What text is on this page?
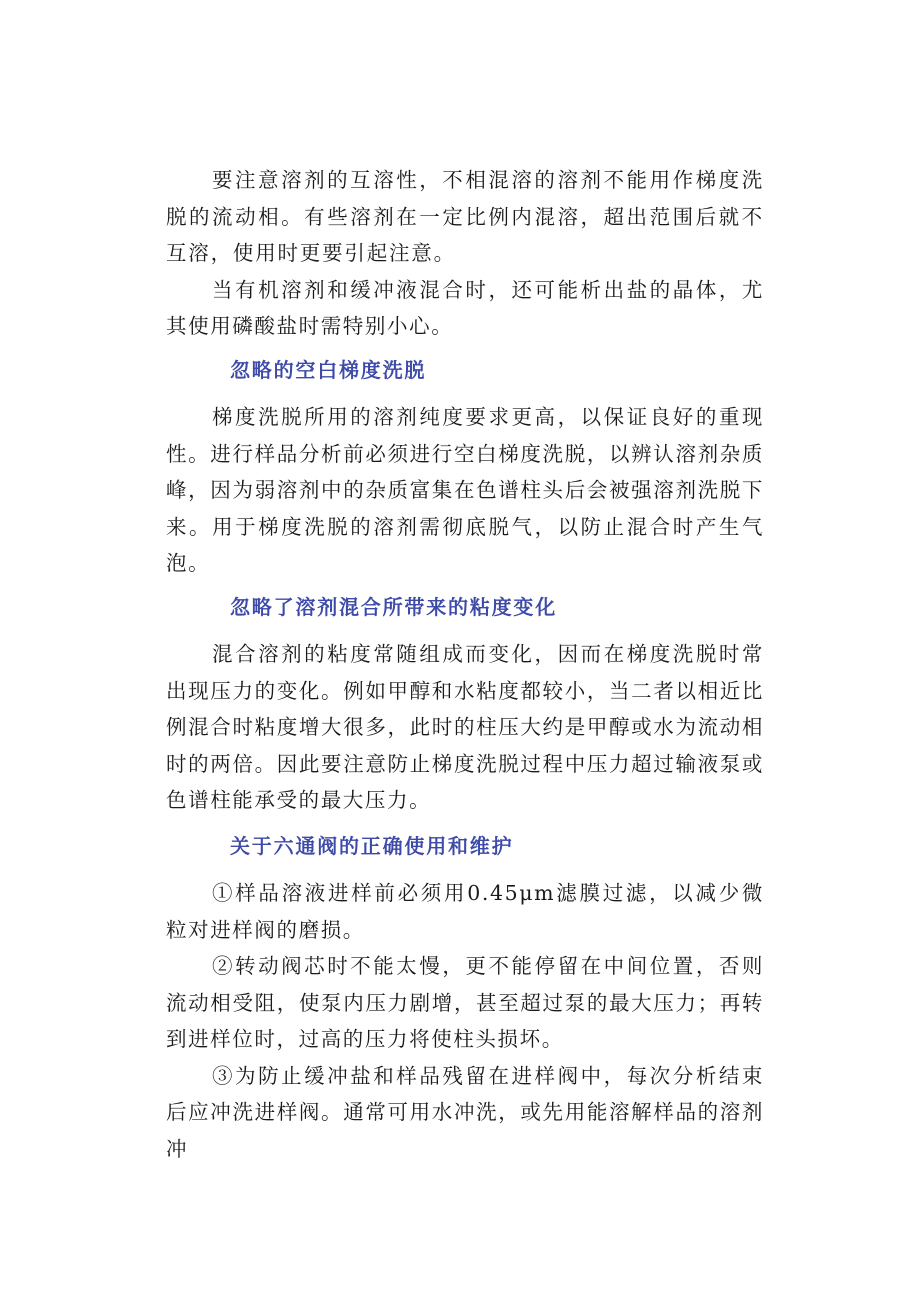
要注意溶剂的互溶性，不相混溶的溶剂不能用作梯度洗脱的流动相。有些溶剂在一定比例内混溶，超出范围后就不互溶，使用时更要引起注意。

当有机溶剂和缓冲液混合时，还可能析出盐的晶体，尤其使用磷酸盐时需特别小心。

忽略的空白梯度洗脱

梯度洗脱所用的溶剂纯度要求更高，以保证良好的重现性。进行样品分析前必须进行空白梯度洗脱，以辨认溶剂杂质峰，因为弱溶剂中的杂质富集在色谱柱头后会被强溶剂洗脱下来。用于梯度洗脱的溶剂需彻底脱气，以防止混合时产生气泡。

忽略了溶剂混合所带来的粘度变化

混合溶剂的粘度常随组成而变化，因而在梯度洗脱时常出现压力的变化。例如甲醇和水粘度都较小，当二者以相近比例混合时粘度增大很多，此时的柱压大约是甲醇或水为流动相时的两倍。因此要注意防止梯度洗脱过程中压力超过输液泵或色谱柱能承受的最大压力。

关于六通阀的正确使用和维护

①样品溶液进样前必须用0.45μm滤膜过滤，以减少微粒对进样阀的磨损。

②转动阀芯时不能太慢，更不能停留在中间位置，否则流动相受阻，使泵内压力剧增，甚至超过泵的最大压力；再转到进样位时，过高的压力将使柱头损坏。

③为防止缓冲盐和样品残留在进样阀中，每次分析结束后应冲洗进样阀。通常可用水冲洗，或先用能溶解样品的溶剂冲
